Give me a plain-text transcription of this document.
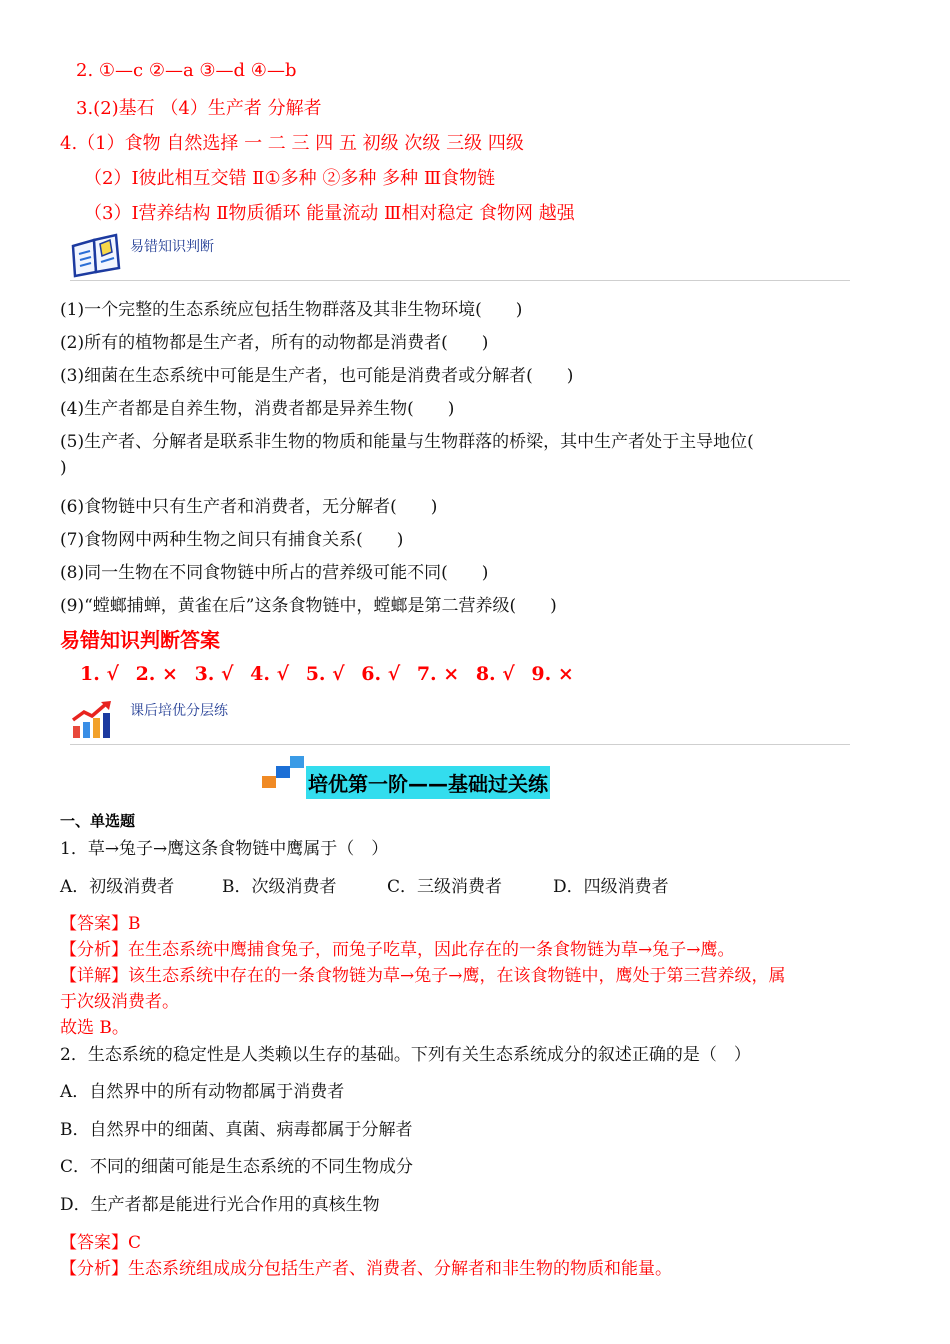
2. ①—c ②—a ③—d ④—b
3.(2)基石 （4）生产者 分解者
4.（1）食物 自然选择 一 二 三 四 五 初级 次级 三级 四级
（2）Ⅰ彼此相互交错 Ⅱ①多种 ②多种 多种 Ⅲ食物链
（3）Ⅰ营养结构 Ⅱ物质循环 能量流动 Ⅲ相对稳定 食物网 越强
易错知识判断
(1)一个完整的生态系统应包括生物群落及其非生物环境(　　)
(2)所有的植物都是生产者，所有的动物都是消费者(　　)
(3)细菌在生态系统中可能是生产者，也可能是消费者或分解者(　　)
(4)生产者都是自养生物，消费者都是异养生物(　　)
(5)生产者、分解者是联系非生物的物质和能量与生物群落的桥梁，其中生产者处于主导地位(
)
(6)食物链中只有生产者和消费者，无分解者(　　)
(7)食物网中两种生物之间只有捕食关系(　　)
(8)同一生物在不同食物链中所占的营养级可能不同(　　)
(9)“螳螂捕蝉，黄雀在后”这条食物链中，螳螂是第二营养级(　　)
易错知识判断答案
1. √ 2. × 3. √ 4. √ 5. √ 6. √ 7. × 8. √ 9. ×
课后培优分层练
培优第一阶——基础过关练
一、单选题
1．草→兔子→鹰这条食物链中鹰属于（　）
A．初级消费者	B．次级消费者	C．三级消费者	D．四级消费者
【答案】B
【分析】在生态系统中鹰捕食兔子，而兔子吃草，因此存在的一条食物链为草→兔子→鹰。
【详解】该生态系统中存在的一条食物链为草→兔子→鹰，在该食物链中，鹰处于第三营养级，属
于次级消费者。
故选 B。
2．生态系统的稳定性是人类赖以生存的基础。下列有关生态系统成分的叙述正确的是（　）
A．自然界中的所有动物都属于消费者
B．自然界中的细菌、真菌、病毒都属于分解者
C．不同的细菌可能是生态系统的不同生物成分
D．生产者都是能进行光合作用的真核生物
【答案】C
【分析】生态系统组成成分包括生产者、消费者、分解者和非生物的物质和能量。
